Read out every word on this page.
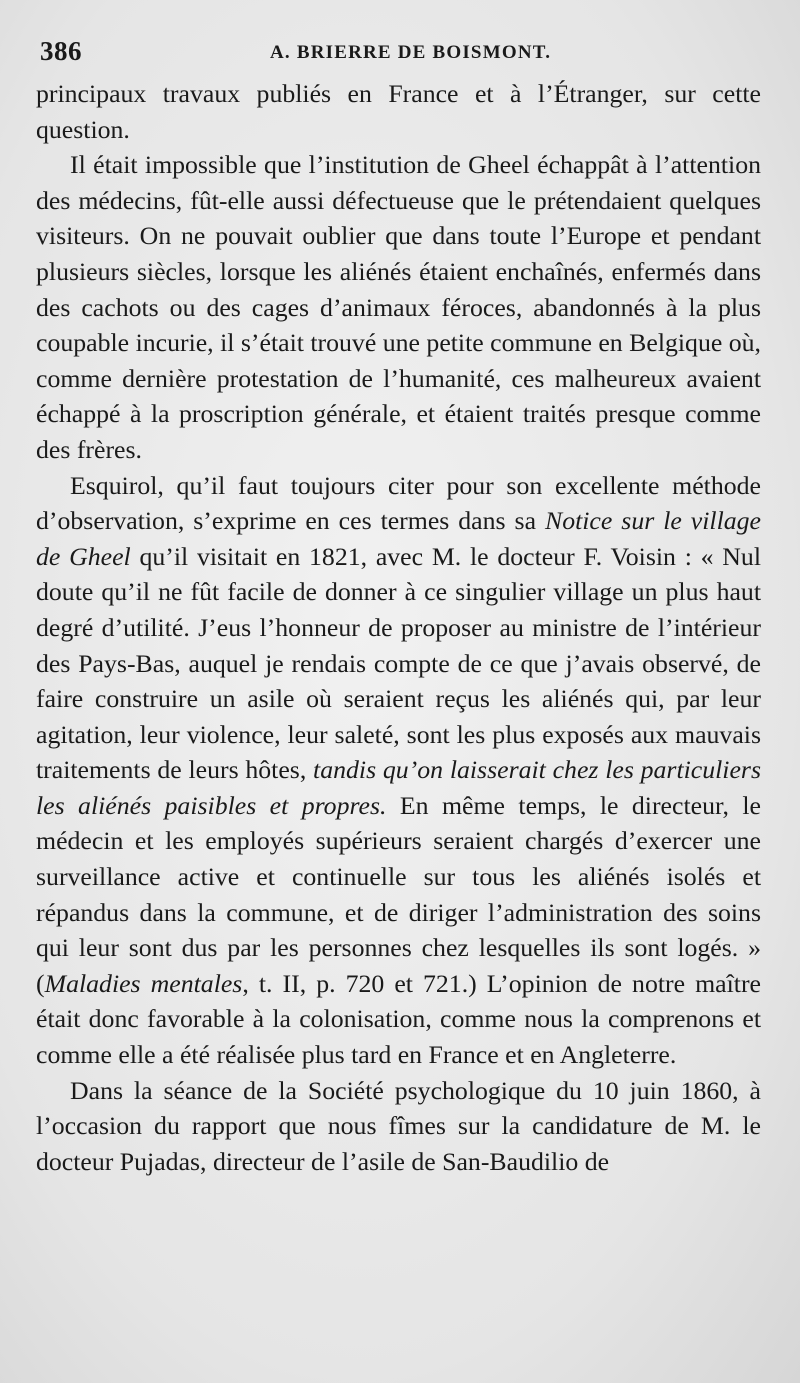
386	A. BRIERRE DE BOISMONT.

principaux travaux publiés en France et à l’Étranger, sur cette question.

Il était impossible que l’institution de Gheel échappât à l’attention des médecins, fût-elle aussi défectueuse que le prétendaient quelques visiteurs. On ne pouvait oublier que dans toute l’Europe et pendant plusieurs siècles, lorsque les aliénés étaient enchaînés, enfermés dans des cachots ou des cages d’animaux féroces, abandonnés à la plus coupable incurie, il s’était trouvé une petite commune en Belgique où, comme dernière protestation de l’humanité, ces malheureux avaient échappé à la proscription générale, et étaient traités presque comme des frères.

Esquirol, qu’il faut toujours citer pour son excellente méthode d’observation, s’exprime en ces termes dans sa Notice sur le village de Gheel qu’il visitait en 1821, avec M. le docteur F. Voisin : « Nul doute qu’il ne fût facile de donner à ce singulier village un plus haut degré d’utilité. J’eus l’honneur de proposer au ministre de l’intérieur des Pays-Bas, auquel je rendais compte de ce que j’avais observé, de faire construire un asile où seraient reçus les aliénés qui, par leur agitation, leur violence, leur saleté, sont les plus exposés aux mauvais traitements de leurs hôtes, tandis qu’on laisserait chez les particuliers les aliénés paisibles et propres. En même temps, le directeur, le médecin et les employés supérieurs seraient chargés d’exercer une surveillance active et continuelle sur tous les aliénés isolés et répandus dans la commune, et de diriger l’administration des soins qui leur sont dus par les personnes chez lesquelles ils sont logés. » (Maladies mentales, t. II, p. 720 et 721.) L’opinion de notre maître était donc favorable à la colonisation, comme nous la comprenons et comme elle a été réalisée plus tard en France et en Angleterre.

Dans la séance de la Société psychologique du 10 juin 1860, à l’occasion du rapport que nous fîmes sur la candidature de M. le docteur Pujadas, directeur de l’asile de San-Baudilio de
